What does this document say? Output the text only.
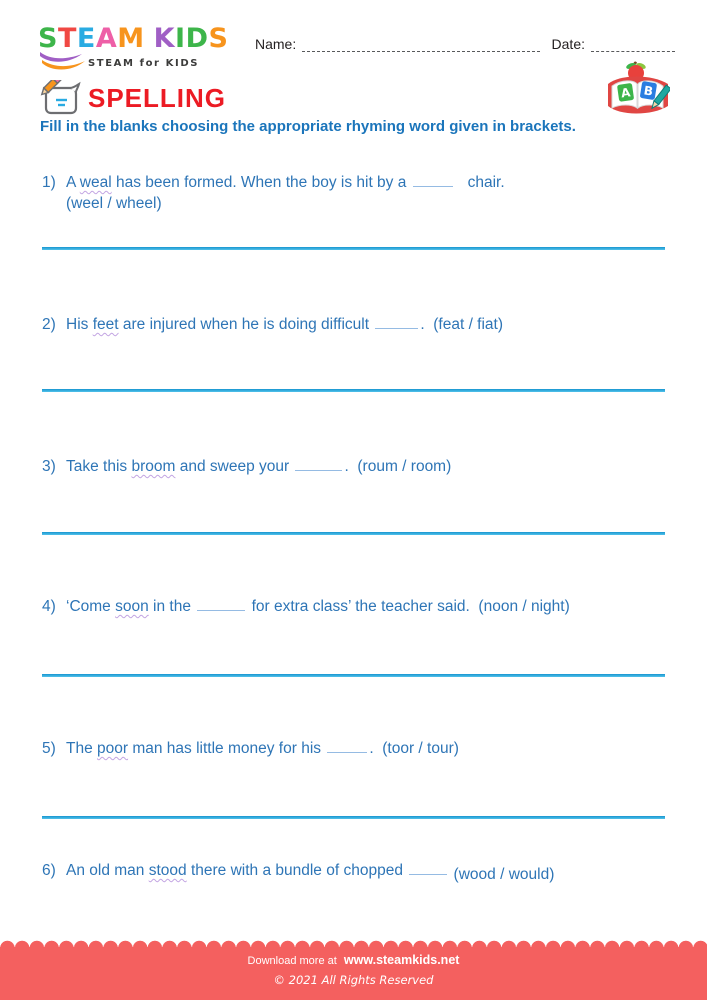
S T E A M K I D S
STEAM for KIDS
Name:	Date:
SPELLING	A B
Fill in the blanks choosing the appropriate rhyming word given in brackets.
1) A weal has been formed. When the boy is hit by a	chair.
(weel / wheel)
2) His feet are injured when he is doing difficult	.  (feat / fiat)
3) Take this broom and sweep your	.  (roum / room)
4) ‘Come soon in the	for extra class’ the teacher said.  (noon / night)
5) The poor man has little money for his	.  (toor / tour)
6) An old man stood there with a bundle of chopped	(wood / would)
Download more at www.steamkids.net
© 2021 All Rights Reserved
